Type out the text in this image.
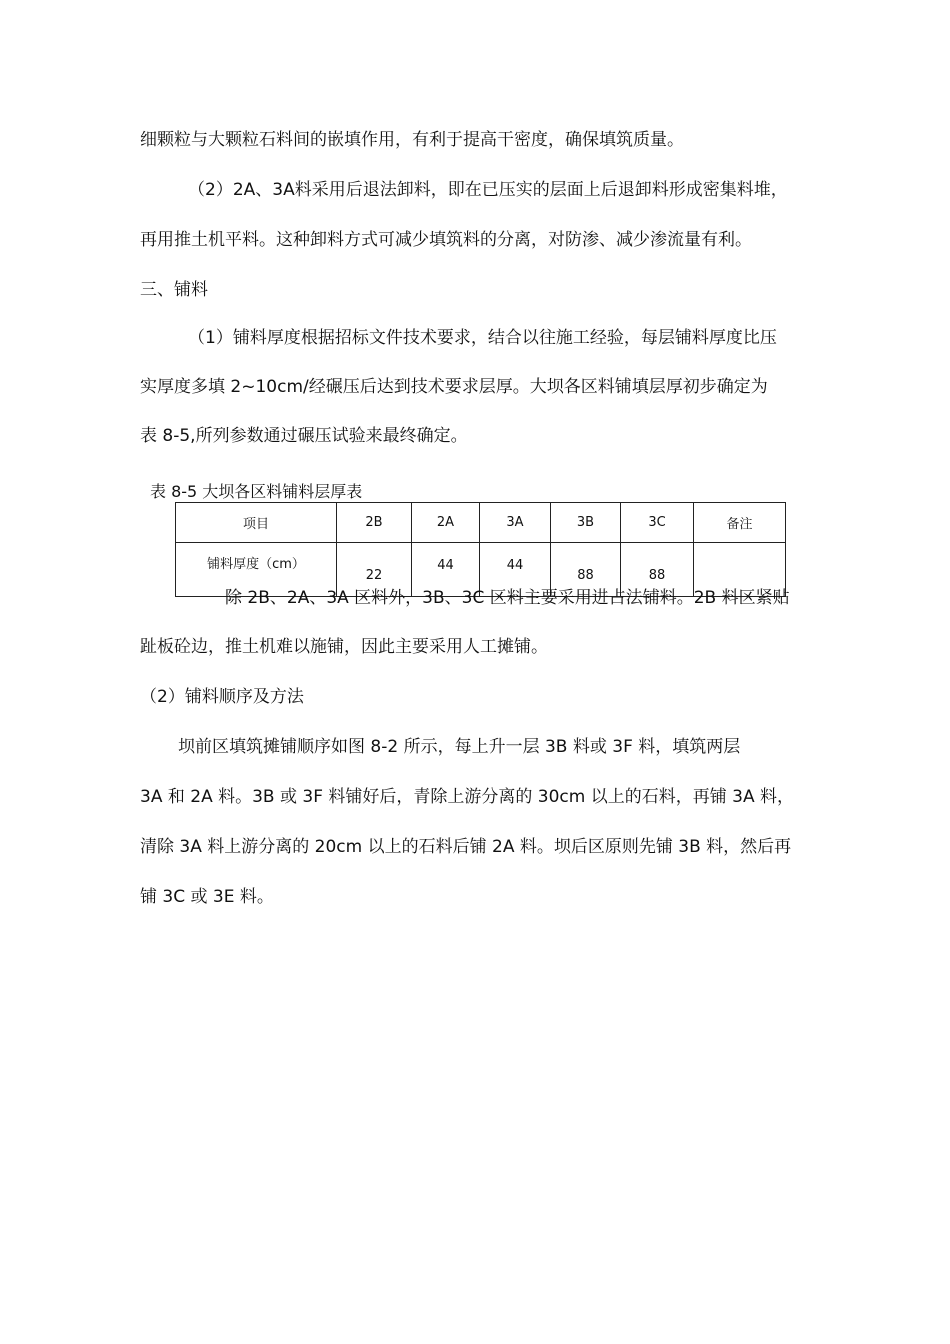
细颗粒与大颗粒石料间的嵌填作用，有利于提高干密度，确保填筑质量。
（2）2A、3A料采用后退法卸料，即在已压实的层面上后退卸料形成密集料堆，
再用推土机平料。这种卸料方式可减少填筑料的分离，对防渗、减少渗流量有利。
三、铺料
（1）铺料厚度根据招标文件技术要求，结合以往施工经验，每层铺料厚度比压
实厚度多填 2~10cm/经碾压后达到技术要求层厚。大坝各区料铺填层厚初步确定为
表 8-5,所列参数通过碾压试验来最终确定。
表 8-5 大坝各区料铺料层厚表
项目	2B	2A	3A	3B	3C	备注
铺料厚度（cm）	22	44	44	88	88	
除 2B、2A、3A 区料外，3B、3C 区料主要采用进占法铺料。2B 料区紧贴
趾板砼边，推土机难以施铺，因此主要采用人工摊铺。
（2）铺料顺序及方法
坝前区填筑摊铺顺序如图 8-2 所示，每上升一层 3B 料或 3F 料，填筑两层
3A 和 2A 料。3B 或 3F 料铺好后，青除上游分离的 30cm 以上的石料，再铺 3A 料，
清除 3A 料上游分离的 20cm 以上的石料后铺 2A 料。坝后区原则先铺 3B 料，然后再
铺 3C 或 3E 料。
